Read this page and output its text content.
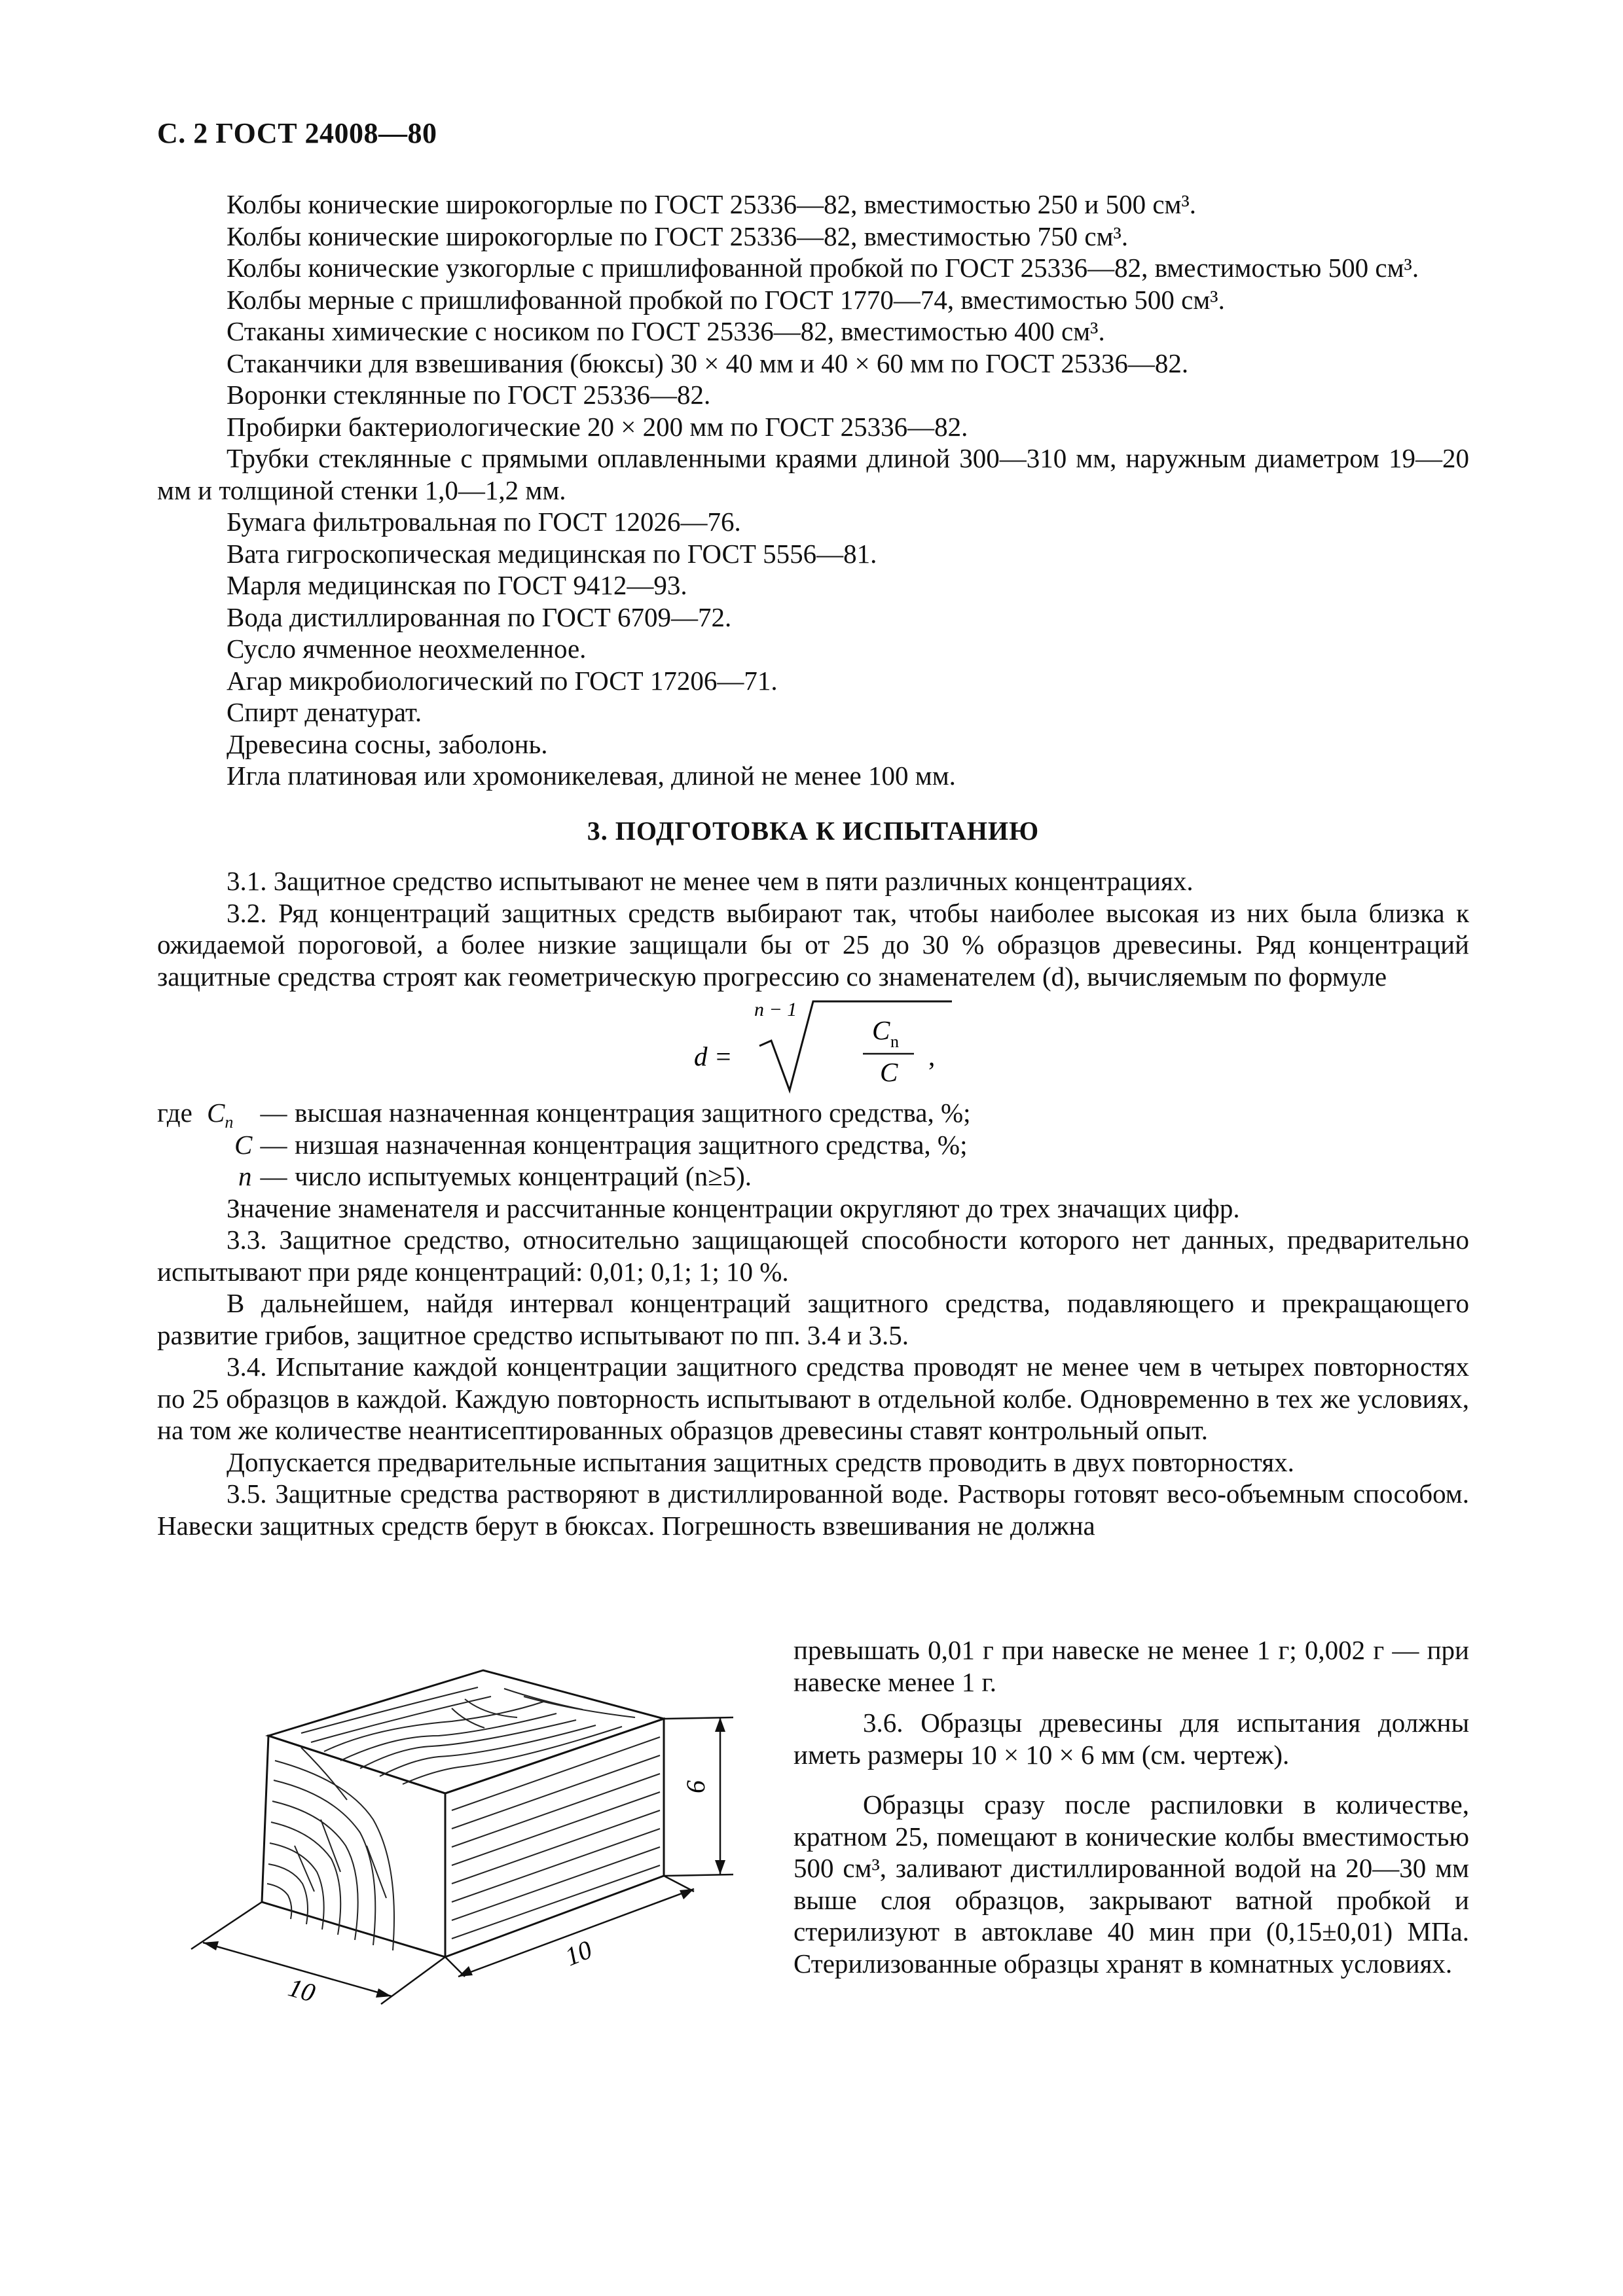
С. 2 ГОСТ 24008—80

Колбы конические широкогорлые по ГОСТ 25336—82, вместимостью 250 и 500 см³.

Колбы конические широкогорлые по ГОСТ 25336—82, вместимостью 750 см³.

Колбы конические узкогорлые с пришлифованной пробкой по ГОСТ 25336—82, вместимостью 500 см³.

Колбы мерные с пришлифованной пробкой по ГОСТ 1770—74, вместимостью 500 см³.

Стаканы химические с носиком по ГОСТ 25336—82, вместимостью 400 см³.

Стаканчики для взвешивания (бюксы) 30 × 40 мм и 40 × 60 мм по ГОСТ 25336—82.

Воронки стеклянные по ГОСТ 25336—82.

Пробирки бактериологические 20 × 200 мм по ГОСТ 25336—82.

Трубки стеклянные с прямыми оплавленными краями длиной 300—310 мм, наружным диаметром 19—20 мм и толщиной стенки 1,0—1,2 мм.

Бумага фильтровальная по ГОСТ 12026—76.

Вата гигроскопическая медицинская по ГОСТ 5556—81.

Марля медицинская по ГОСТ 9412—93.

Вода дистиллированная по ГОСТ 6709—72.

Сусло ячменное неохмеленное.

Агар микробиологический по ГОСТ 17206—71.

Спирт денатурат.

Древесина сосны, заболонь.

Игла платиновая или хромоникелевая, длиной не менее 100 мм.

3. ПОДГОТОВКА К ИСПЫТАНИЮ

3.1. Защитное средство испытывают не менее чем в пяти различных концентрациях.

3.2. Ряд концентраций защитных средств выбирают так, чтобы наиболее высокая из них была близка к ожидаемой пороговой, а более низкие защищали бы от 25 до 30 % образцов древесины. Ряд концентраций защитные средства строят как геометрическую прогрессию со знаменателем (d), вычисляемым по формуле

d =
n − 1
C n
C
,
где $C_n$	— высшая назначенная концентрация защитного средства, %;
C — низшая назначенная концентрация защитного средства, %;
n — число испытуемых концентраций (n≥5).

Значение знаменателя и рассчитанные концентрации округляют до трех значащих цифр.

3.3. Защитное средство, относительно защищающей способности которого нет данных, предварительно испытывают при ряде концентраций: 0,01; 0,1; 1; 10 %.

В дальнейшем, найдя интервал концентраций защитного средства, подавляющего и прекращающего развитие грибов, защитное средство испытывают по пп. 3.4 и 3.5.

3.4. Испытание каждой концентрации защитного средства проводят не менее чем в четырех повторностях по 25 образцов в каждой. Каждую повторность испытывают в отдельной колбе. Одновременно в тех же условиях, на том же количестве неантисептированных образцов древесины ставят контрольный опыт.

Допускается предварительные испытания защитных средств проводить в двух повторностях.

3.5. Защитные средства растворяют в дистиллированной воде. Растворы готовят весо-объемным способом. Навески защитных средств берут в бюксах. Погрешность взвешивания не должна

превышать 0,01 г при навеске не менее 1 г; 0,002 г — при навеске менее 1 г.

3.6. Образцы древесины для испытания должны иметь размеры 10 × 10 × 6 мм (см. чертеж).

Образцы сразу после распиловки в количестве, кратном 25, помещают в конические колбы вместимостью 500 см³, заливают дистиллированной водой на 20—30 мм выше слоя образцов, закрывают ватной пробкой и стерилизуют в автоклаве 40 мин при (0,15±0,01) МПа. Стерилизованные образцы хранят в комнатных условиях.

10
10
6
